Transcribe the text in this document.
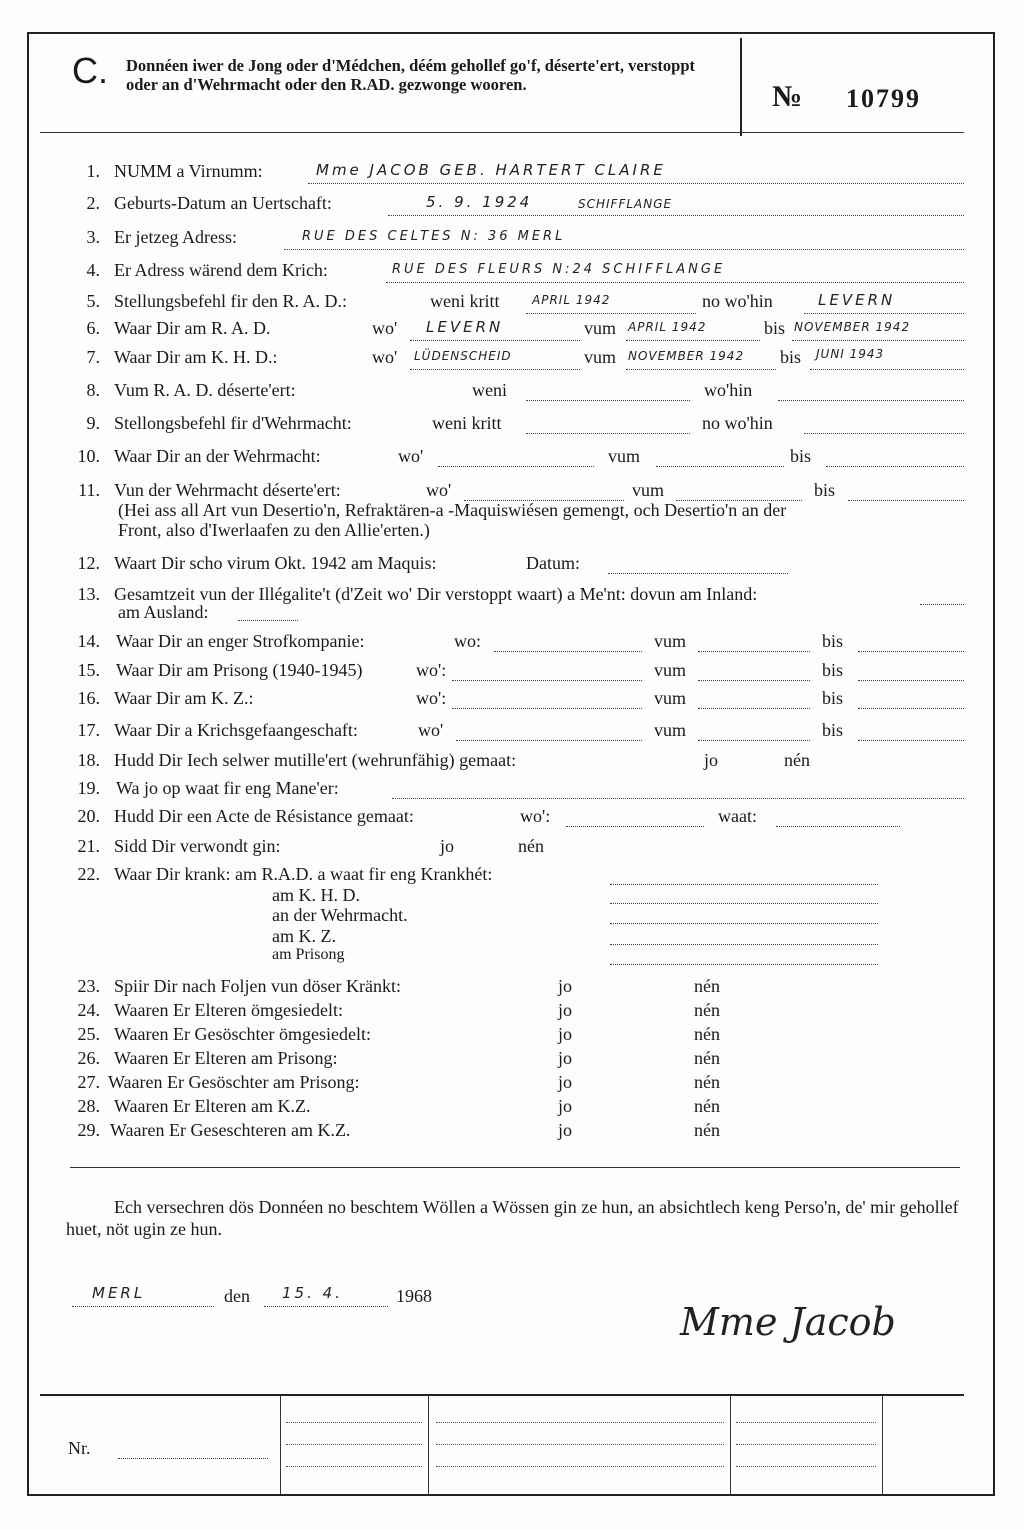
C. Donnéen iwer de Jong oder d'Médchen, déém gehollef go'f, déserte'ert, verstoppt oder an d'Wehrmacht oder den R.AD. gezwonge wooren.	№ 10799
1. NUMM a Virnumm:	Mme JACOB GEB. HARTERT CLAIRE
2. Geburts-Datum an Uertschaft:	5. 9. 1924	SCHIFFLANGE
3. Er jetzeg Adress:	RUE DES CELTES N: 36 MERL
4. Er Adress wärend dem Krich:	RUE DES FLEURS N:24 SCHIFFLANGE
5. Stellungsbefehl fir den R. A. D.:	weni kritt	APRIL 1942	no wo'hin	LEVERN
6. Waar Dir am R. A. D.	wo' LEVERN	vum APRIL 1942	bis NOVEMBER 1942
7. Waar Dir am K. H. D.:	wo' LÜDENSCHEID	vum NOVEMBER 1942 bis JUNI 1943
8. Vum R. A. D. déserte'ert:	weni	wo'hin
9. Stellongsbefehl fir d'Wehrmacht:	weni kritt	no wo'hin
10. Waar Dir an der Wehrmacht:	wo'	vum	bis
11. Vun der Wehrmacht déserte'ert:	wo'	vum	bis
(Hei ass all Art vun Desertio'n, Refraktären-a -Maquiswiésen gemengt, och Desertio'n an der
Front, also d'Iwerlaafen zu den Allie'erten.)
12. Waart Dir scho virum Okt. 1942 am Maquis:	Datum:
13. Gesamtzeit vun der Illégalite't (d'Zeit wo' Dir verstoppt waart) a Me'nt: dovun am Inland:
am Ausland:
14. Waar Dir an enger Strofkompanie:	wo:	vum	bis
15. Waar Dir am Prisong (1940-1945)	wo':	vum	bis
16. Waar Dir am K. Z.:	wo':	vum	bis
17. Waar Dir a Krichsgefaangeschaft:	wo'	vum	bis
18. Hudd Dir Iech selwer mutille'ert (wehrunfähig) gemaat:	jo	nén
19. Wa jo op waat fir eng Mane'er:
20. Hudd Dir een Acte de Résistance gemaat:	wo':	waat:
21. Sidd Dir verwondt gin:	jo	nén
22. Waar Dir krank: am R.A.D. a waat fir eng Krankhét:
am K. H. D.
an der Wehrmacht.
am K. Z.
am Prisong
23. Spiir Dir nach Foljen vun döser Kränkt:	jo	nén
24. Waaren Er Elteren ömgesiedelt:	jo	nén
25. Waaren Er Gesöschter ömgesiedelt:	jo	nén
26. Waaren Er Elteren am Prisong:	jo	nén
27. Waaren Er Gesöschter am Prisong:	jo	nén
28. Waaren Er Elteren am K.Z.	jo	nén
29. Waaren Er Geseschteren am K.Z.	jo	nén
Ech versechren dös Donnéen no beschtem Wöllen a Wössen gin ze hun, an absichtlech keng Perso'n, de' mir gehollef huet, nöt ugin ze hun.
MERL	den 15. 4.	1968
Mme Jacob
Nr.
